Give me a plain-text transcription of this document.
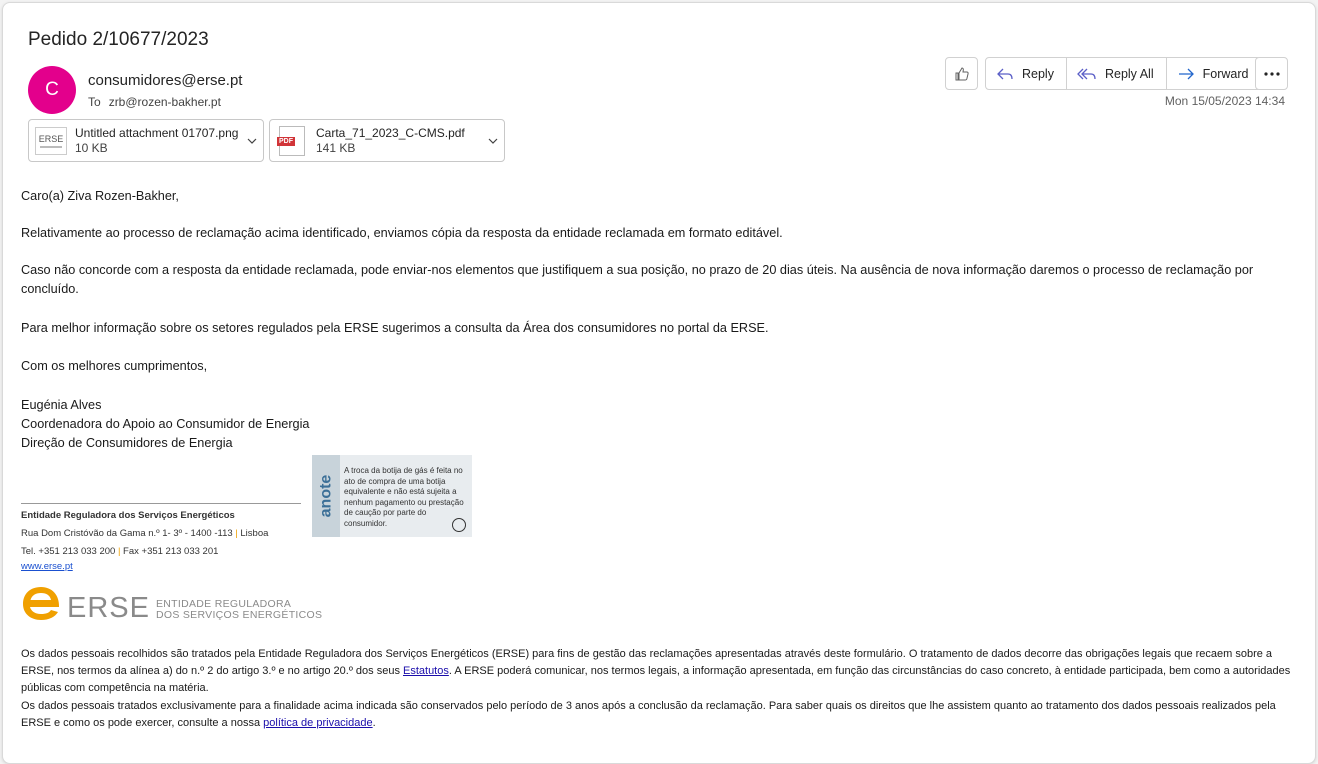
Pedido 2/10677/2023
C	consumidores@erse.pt
To zrb@rozen-bakher.pt
Reply	Reply All	Forward
Mon 15/05/2023 14:34
ERSE Untitled attachment 01707.png
10 KB	PDF
Carta_71_2023_C-CMS.pdf
141 KB

Caro(a) Ziva Rozen-Bakher,

Relativamente ao processo de reclamação acima identificado, enviamos cópia da resposta da entidade reclamada em formato editável.

Caso não concorde com a resposta da entidade reclamada, pode enviar-nos elementos que justifiquem a sua posição, no prazo de 20 dias úteis. Na ausência de nova informação daremos o processo de reclamação por concluído.

Para melhor informação sobre os setores regulados pela ERSE sugerimos a consulta da Área dos consumidores no portal da ERSE.

Com os melhores cumprimentos,

Eugénia Alves
Coordenadora do Apoio ao Consumidor de Energia
Direção de Consumidores de Energia
anote
A troca da botija de gás é feita no ato de compra de uma botija equivalente e não está sujeita a nenhum pagamento ou prestação de caução por parte do consumidor.
Entidade Reguladora dos Serviços Energéticos
Rua Dom Cristóvão da Gama n.º 1- 3º - 1400 -113 | Lisboa
Tel. +351 213 033 200 | Fax +351 213 033 201
www.erse.pt
ERSE ENTIDADE REGULADORA
DOS SERVIÇOS ENERGÉTICOS
Os dados pessoais recolhidos são tratados pela Entidade Reguladora dos Serviços Energéticos (ERSE) para fins de gestão das reclamações apresentadas através deste formulário. O tratamento de dados decorre das obrigações legais que recaem sobre a ERSE, nos termos da alínea a) do n.º 2 do artigo 3.º e no artigo 20.º dos seus Estatutos. A ERSE poderá comunicar, nos termos legais, a informação apresentada, em função das circunstâncias do caso concreto, à entidade participada, bem como a autoridades públicas com competência na matéria.
Os dados pessoais tratados exclusivamente para a finalidade acima indicada são conservados pelo período de 3 anos após a conclusão da reclamação. Para saber quais os direitos que lhe assistem quanto ao tratamento dos dados pessoais realizados pela ERSE e como os pode exercer, consulte a nossa política de privacidade.
